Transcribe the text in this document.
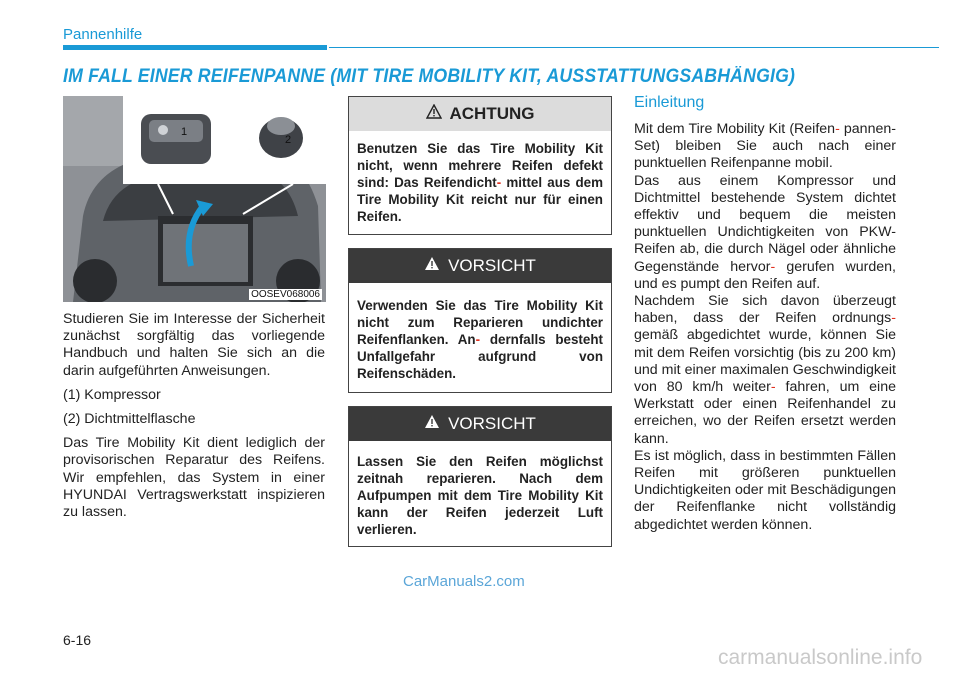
Pannenhilfe
IM FALL EINER REIFENPANNE (MIT TIRE MOBILITY KIT, AUSSTATTUNGSABHÄNGIG)
1
2
OOSEV068006

Studieren Sie im Interesse der Sicherheit zunächst sorgfältig das vorliegende Handbuch und halten Sie sich an die darin aufgeführten Anweisungen.

(1) Kompressor

(2) Dichtmittelflasche

Das Tire Mobility Kit dient lediglich der provisorischen Reparatur des Reifens. Wir empfehlen, das System in einer HYUNDAI Vertragswerkstatt inspizieren zu lassen.

ACHTUNG
Benutzen Sie das Tire Mobility Kit nicht, wenn mehrere Reifen defekt sind: Das Reifendicht- mittel aus dem Tire Mobility Kit reicht nur für einen Reifen.
VORSICHT
Verwenden Sie das Tire Mobility Kit nicht zum Reparieren undichter Reifenflanken. An- dernfalls besteht Unfallgefahr aufgrund von Reifenschäden.
VORSICHT
Lassen Sie den Reifen möglichst zeitnah reparieren. Nach dem Aufpumpen mit dem Tire Mobility Kit kann der Reifen jederzeit Luft verlieren.
Einleitung

Mit dem Tire Mobility Kit (Reifen- pannen-Set) bleiben Sie auch nach einer punktuellen Reifenpanne mobil.

Das aus einem Kompressor und Dichtmittel bestehende System dichtet effektiv und bequem die meisten punktuellen Undichtigkeiten von PKW-Reifen ab, die durch Nägel oder ähnliche Gegenstände hervor- gerufen wurden, und es pumpt den Reifen auf.

Nachdem Sie sich davon überzeugt haben, dass der Reifen ordnungs- gemäß abgedichtet wurde, können Sie mit dem Reifen vorsichtig (bis zu 200 km) und mit einer maximalen Geschwindigkeit von 80 km/h weiter- fahren, um eine Werkstatt oder einen Reifenhandel zu erreichen, wo der Reifen ersetzt werden kann.

Es ist möglich, dass in bestimmten Fällen Reifen mit größeren punktuellen Undichtigkeiten oder mit Beschädigungen der Reifenflanke nicht vollständig abgedichtet werden können.

CarManuals2.com
6-16
carmanualsonline.info
